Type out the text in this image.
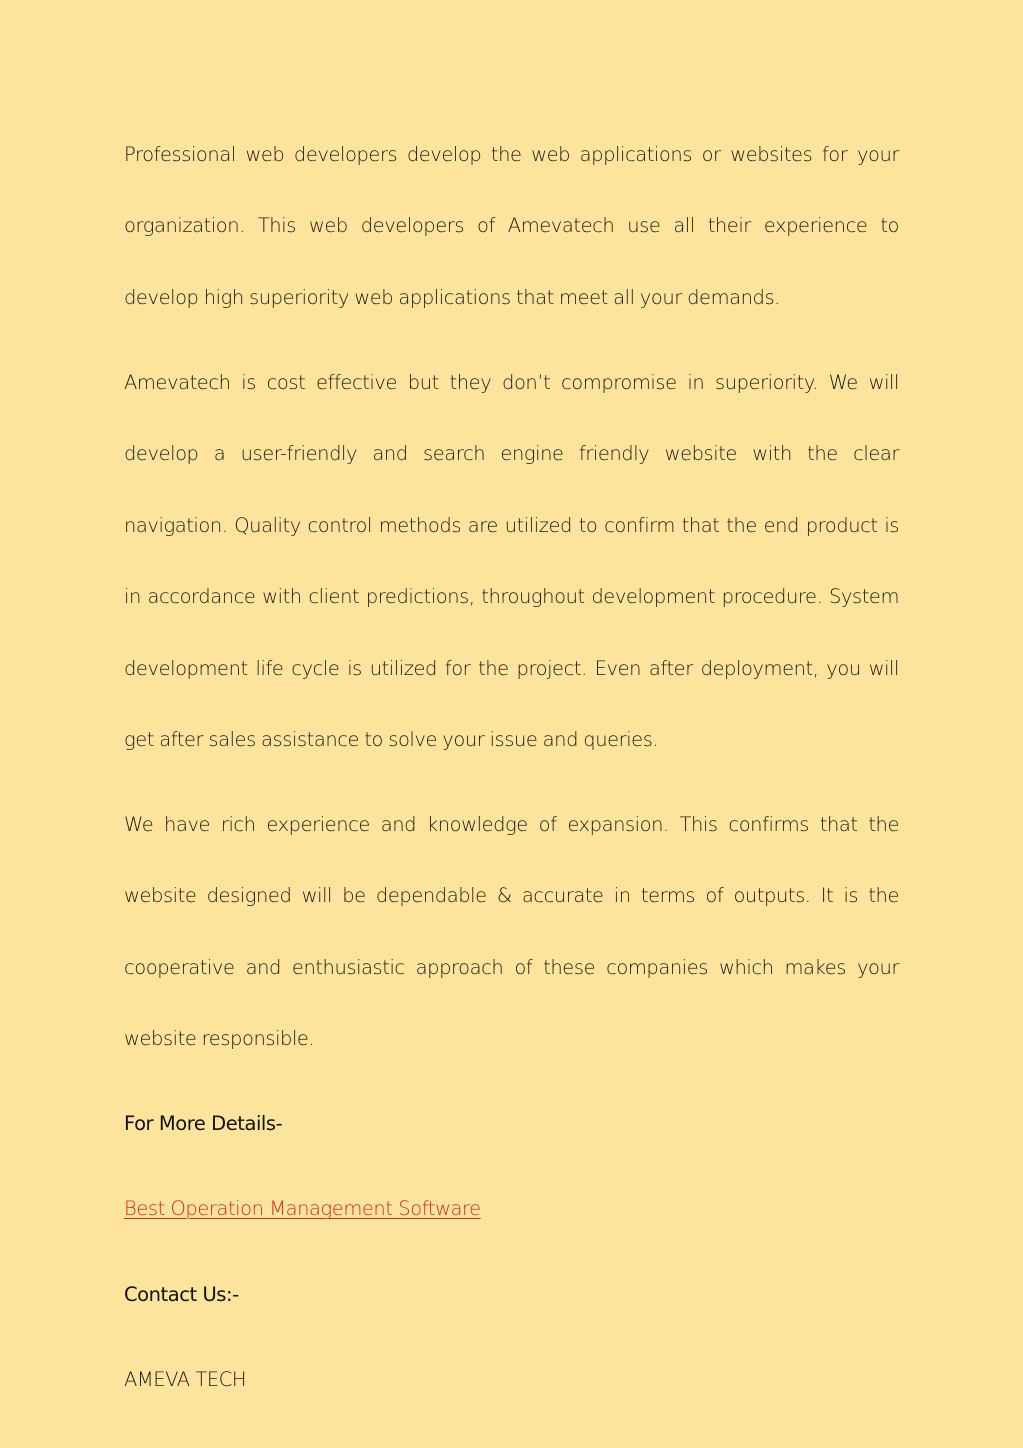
Professional web developers develop the web applications or websites for your organization. This web developers of Amevatech use all their experience to develop high superiority web applications that meet all your demands.

Amevatech is cost effective but they don’t compromise in superiority. We will develop a user-friendly and search engine friendly website with the clear navigation. Quality control methods are utilized to confirm that the end product is in accordance with client predictions, throughout development procedure. System development life cycle is utilized for the project. Even after deployment, you will get after sales assistance to solve your issue and queries.

We have rich experience and knowledge of expansion. This confirms that the website designed will be dependable & accurate in terms of outputs. It is the cooperative and enthusiastic approach of these companies which makes your website responsible.

For More Details-

Best Operation Management Software

Contact Us:-

AMEVA TECH
